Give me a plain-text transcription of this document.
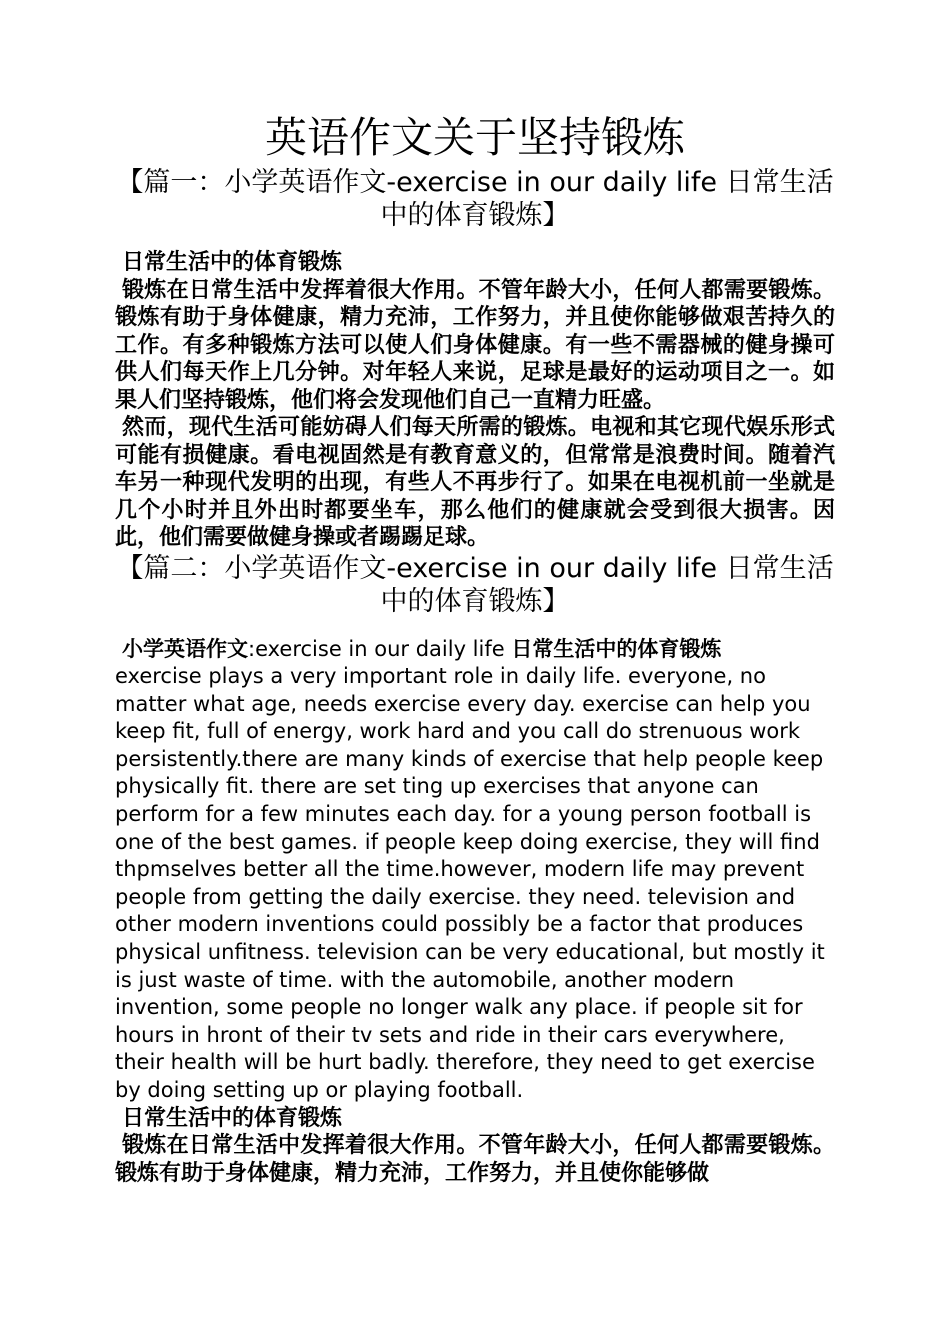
英语作文关于坚持锻炼
【篇一：小学英语作文-exercise in our daily life 日常生活中的体育锻炼】

日常生活中的体育锻炼

锻炼在日常生活中发挥着很大作用。不管年龄大小，任何人都需要锻炼。锻炼有助于身体健康，精力充沛，工作努力，并且使你能够做艰苦持久的工作。有多种锻炼方法可以使人们身体健康。有一些不需器械的健身操可供人们每天作上几分钟。对年轻人来说，足球是最好的运动项目之一。如果人们坚持锻炼，他们将会发现他们自己一直精力旺盛。

然而，现代生活可能妨碍人们每天所需的锻炼。电视和其它现代娱乐形式可能有损健康。看电视固然是有教育意义的，但常常是浪费时间。随着汽车另一种现代发明的出现，有些人不再步行了。如果在电视机前一坐就是几个小时并且外出时都要坐车，那么他们的健康就会受到很大损害。因此，他们需要做健身操或者踢踢足球。

【篇二：小学英语作文-exercise in our daily life 日常生活中的体育锻炼】

小学英语作文:exercise in our daily life 日常生活中的体育锻炼

exercise plays a very important role in daily life. everyone, no matter what age, needs exercise every day. exercise can help you keep fit, full of energy, work hard and you call do strenuous work persistently.there are many kinds of exercise that help people keep physically fit. there are set ting up exercises that anyone can perform for a few minutes each day. for a young person football is one of the best games. if people keep doing exercise, they will find thpmselves better all the time.however, modern life may prevent people from getting the daily exercise. they need. television and other modern inventions could possibly be a factor that produces physical unfitness. television can be very educational, but mostly it is just waste of time. with the automobile, another modern invention, some people no longer walk any place. if people sit for hours in hront of their tv sets and ride in their cars everywhere, their health will be hurt badly. therefore, they need to get exercise by doing setting up or playing football.

日常生活中的体育锻炼

锻炼在日常生活中发挥着很大作用。不管年龄大小，任何人都需要锻炼。锻炼有助于身体健康，精力充沛，工作努力，并且使你能够做
